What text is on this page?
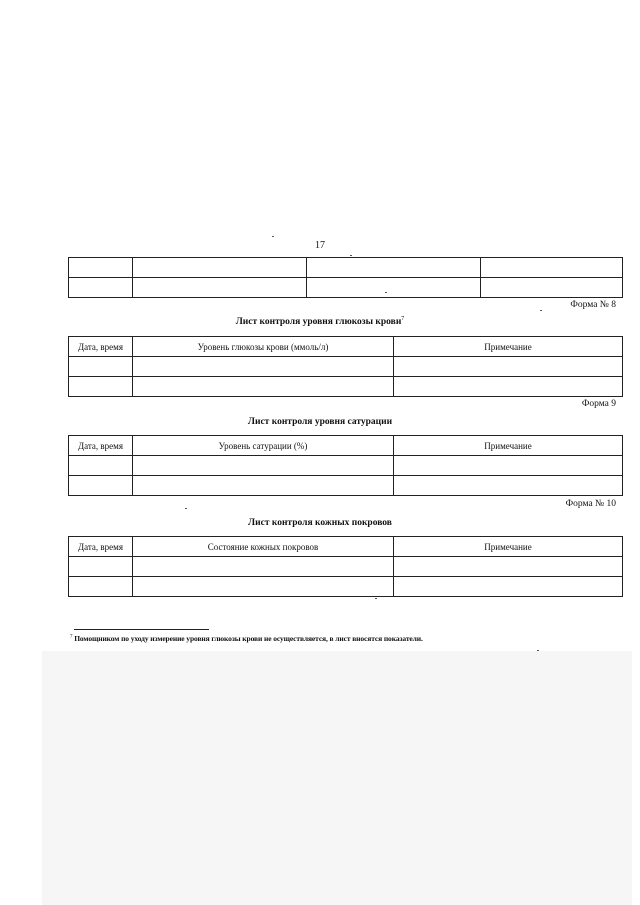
17

Форма № 8
Лист контроля уровня глюкозы крови$^7$
Дата, время	Уровень глюкозы крови (ммоль/л)	Примечание

Форма 9
Лист контроля уровня сатурации
Дата, время	Уровень сатурации (%)	Примечание

Форма № 10
Лист контроля кожных покровов
Дата, время	Состояние кожных покровов	Примечание

$^7$ Помощником по уходу измерение уровня глюкозы крови не осуществляется, в лист вносятся показатели.
